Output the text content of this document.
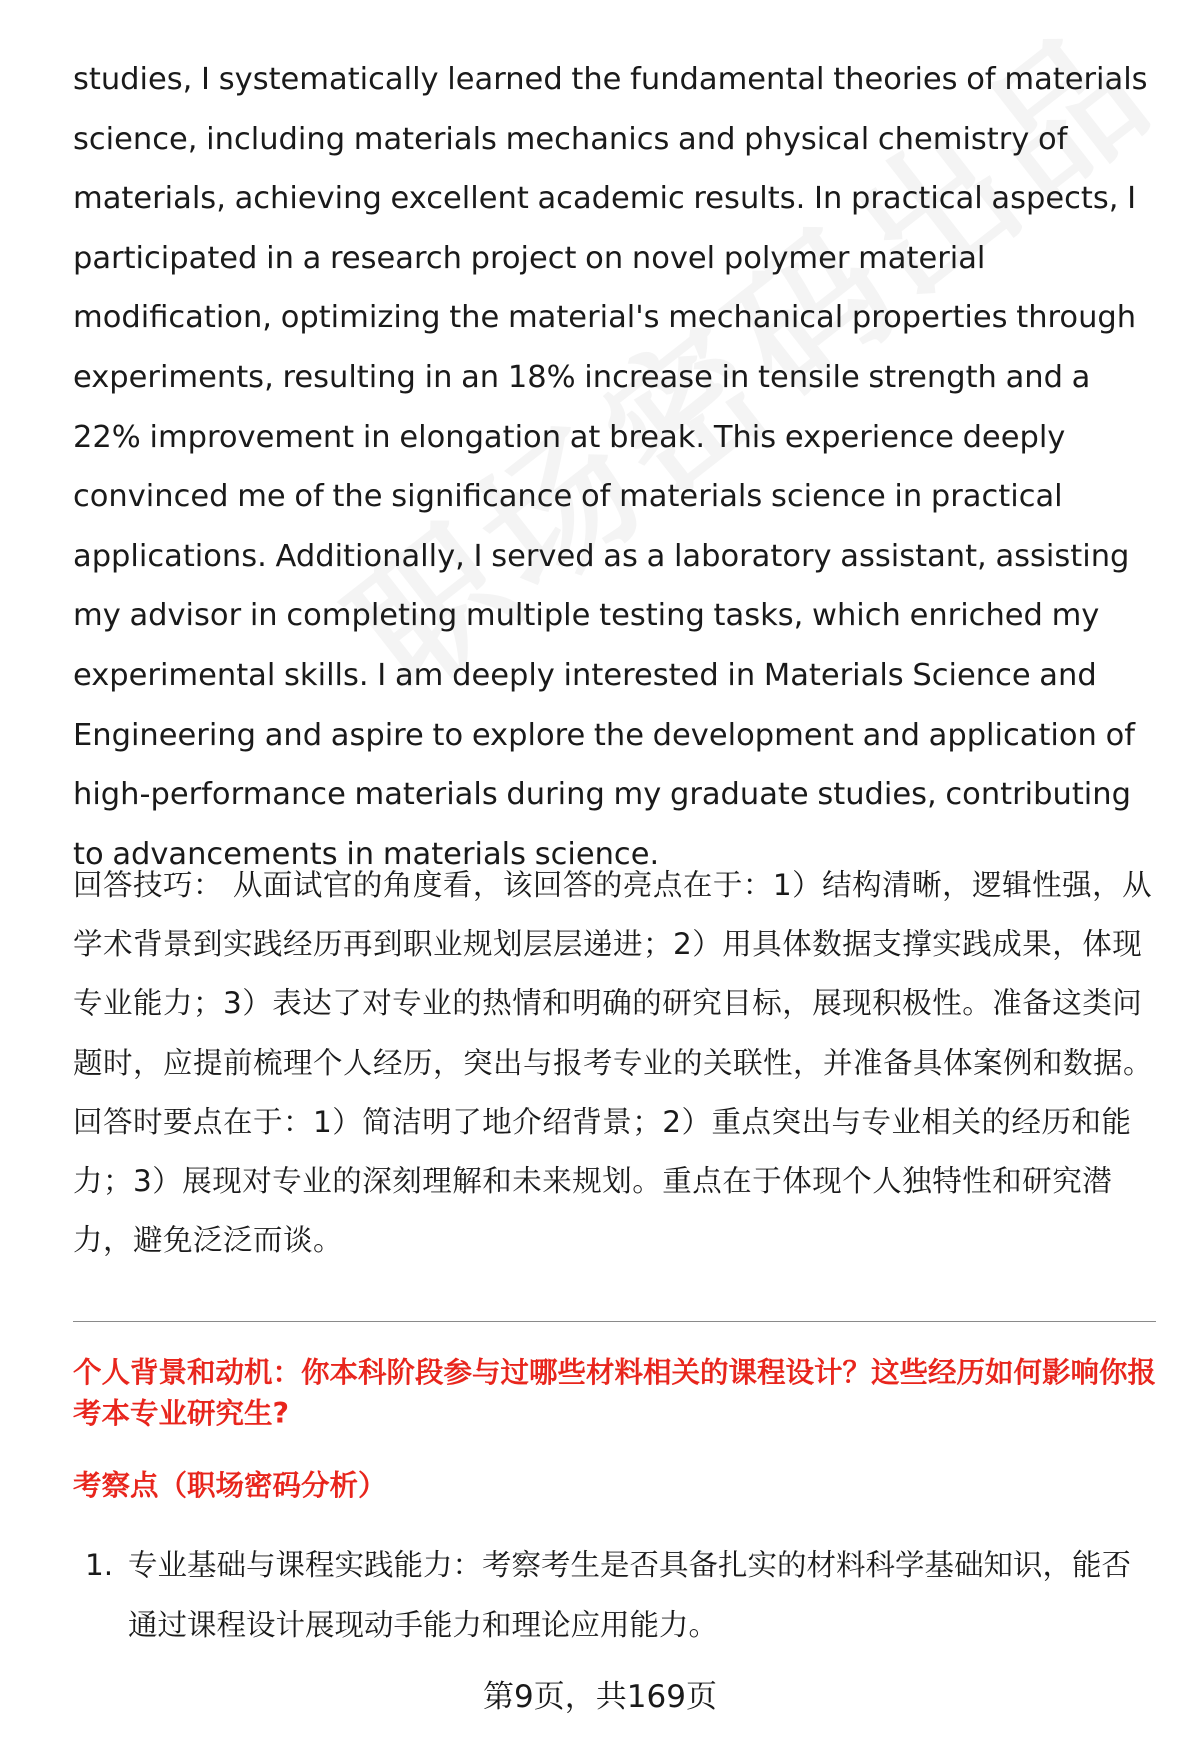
studies, I systematically learned the fundamental theories of materials science, including materials mechanics and physical chemistry of materials, achieving excellent academic results. In practical aspects, I participated in a research project on novel polymer material modification, optimizing the material's mechanical properties through experiments, resulting in an 18% increase in tensile strength and a 22% improvement in elongation at break. This experience deeply convinced me of the significance of materials science in practical applications. Additionally, I served as a laboratory assistant, assisting my advisor in completing multiple testing tasks, which enriched my experimental skills. I am deeply interested in Materials Science and Engineering and aspire to explore the development and application of high-performance materials during my graduate studies, contributing to advancements in materials science.

回答技巧： 从面试官的角度看，该回答的亮点在于：1）结构清晰，逻辑性强，从学术背景到实践经历再到职业规划层层递进；2）用具体数据支撑实践成果，体现专业能力；3）表达了对专业的热情和明确的研究目标，展现积极性。准备这类问题时，应提前梳理个人经历，突出与报考专业的关联性，并准备具体案例和数据。回答时要点在于：1）简洁明了地介绍背景；2）重点突出与专业相关的经历和能力；3）展现对专业的深刻理解和未来规划。重点在于体现个人独特性和研究潜力，避免泛泛而谈。

个人背景和动机：你本科阶段参与过哪些材料相关的课程设计？这些经历如何影响你报考本专业研究生?

考察点（职场密码分析）

1. 专业基础与课程实践能力：考察考生是否具备扎实的材料科学基础知识，能否通过课程设计展现动手能力和理论应用能力。
第9页，共169页
